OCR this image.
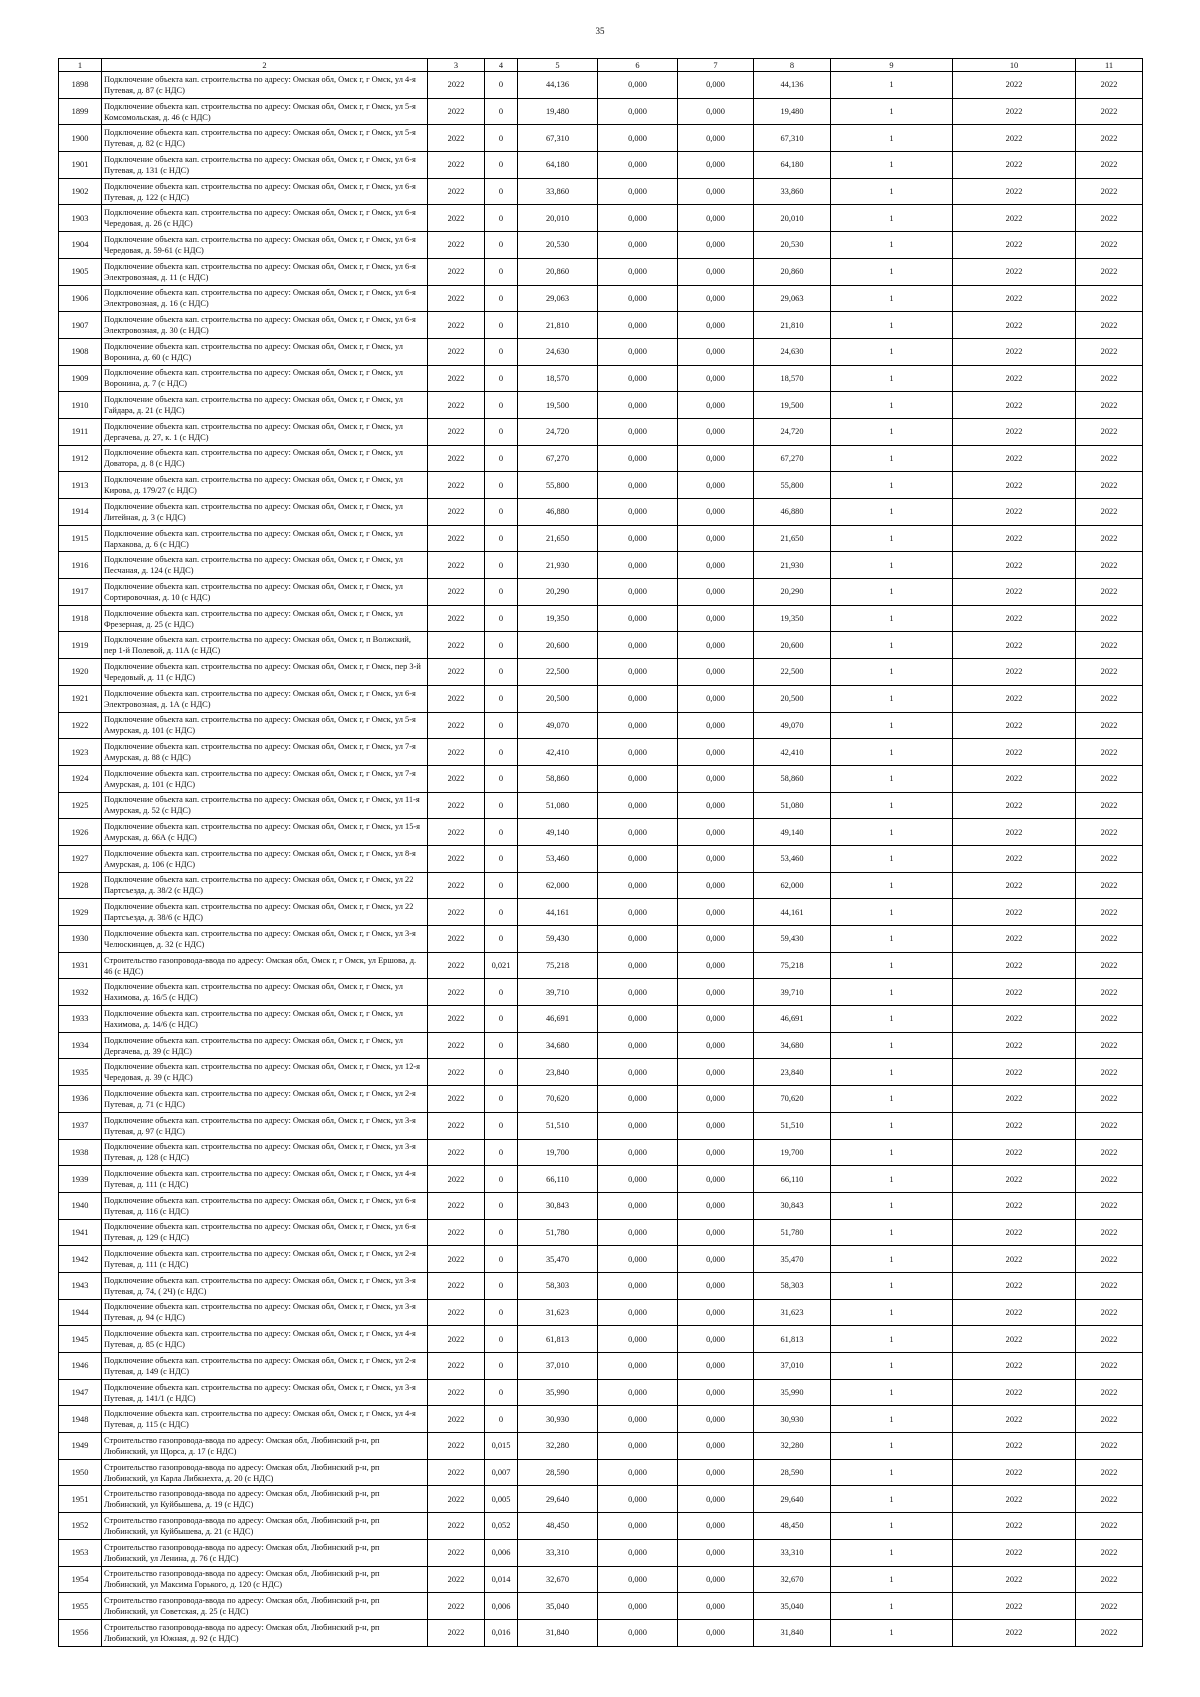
35
1	2	3	4	5	6	7	8	9	10	11
1898	Подключение объекта кап. строительства по адресу: Омская обл, Омск г, г Омск, ул 4-я Путевая, д. 87 (с НДС)	2022	0	44,136	0,000	0,000	44,136	1	2022	2022
1899	Подключение объекта кап. строительства по адресу: Омская обл, Омск г, г Омск, ул 5-я Комсомольская, д. 46 (с НДС)	2022	0	19,480	0,000	0,000	19,480	1	2022	2022
1900	Подключение объекта кап. строительства по адресу: Омская обл, Омск г, г Омск, ул 5-я Путевая, д. 82 (с НДС)	2022	0	67,310	0,000	0,000	67,310	1	2022	2022
1901	Подключение объекта кап. строительства по адресу: Омская обл, Омск г, г Омск, ул 6-я Путевая, д. 131 (с НДС)	2022	0	64,180	0,000	0,000	64,180	1	2022	2022
1902	Подключение объекта кап. строительства по адресу: Омская обл, Омск г, г Омск, ул 6-я Путевая, д. 122 (с НДС)	2022	0	33,860	0,000	0,000	33,860	1	2022	2022
1903	Подключение объекта кап. строительства по адресу: Омская обл, Омск г, г Омск, ул 6-я Чередовая, д. 26 (с НДС)	2022	0	20,010	0,000	0,000	20,010	1	2022	2022
1904	Подключение объекта кап. строительства по адресу: Омская обл, Омск г, г Омск, ул 6-я Чередовая, д. 59-61 (с НДС)	2022	0	20,530	0,000	0,000	20,530	1	2022	2022
1905	Подключение объекта кап. строительства по адресу: Омская обл, Омск г, г Омск, ул 6-я Электровозная, д. 11 (с НДС)	2022	0	20,860	0,000	0,000	20,860	1	2022	2022
1906	Подключение объекта кап. строительства по адресу: Омская обл, Омск г, г Омск, ул 6-я Электровозная, д. 16 (с НДС)	2022	0	29,063	0,000	0,000	29,063	1	2022	2022
1907	Подключение объекта кап. строительства по адресу: Омская обл, Омск г, г Омск, ул 6-я Электровозная, д. 30 (с НДС)	2022	0	21,810	0,000	0,000	21,810	1	2022	2022
1908	Подключение объекта кап. строительства по адресу: Омская обл, Омск г, г Омск, ул Воронина, д. 60 (с НДС)	2022	0	24,630	0,000	0,000	24,630	1	2022	2022
1909	Подключение объекта кап. строительства по адресу: Омская обл, Омск г, г Омск, ул Воронина, д. 7 (с НДС)	2022	0	18,570	0,000	0,000	18,570	1	2022	2022
1910	Подключение объекта кап. строительства по адресу: Омская обл, Омск г, г Омск, ул Гайдара, д. 21 (с НДС)	2022	0	19,500	0,000	0,000	19,500	1	2022	2022
1911	Подключение объекта кап. строительства по адресу: Омская обл, Омск г, г Омск, ул Дергачева, д. 27, к. 1 (с НДС)	2022	0	24,720	0,000	0,000	24,720	1	2022	2022
1912	Подключение объекта кап. строительства по адресу: Омская обл, Омск г, г Омск, ул Доватора, д. 8 (с НДС)	2022	0	67,270	0,000	0,000	67,270	1	2022	2022
1913	Подключение объекта кап. строительства по адресу: Омская обл, Омск г, г Омск, ул Кирова, д. 179/27 (с НДС)	2022	0	55,800	0,000	0,000	55,800	1	2022	2022
1914	Подключение объекта кап. строительства по адресу: Омская обл, Омск г, г Омск, ул Литейная, д. 3 (с НДС)	2022	0	46,880	0,000	0,000	46,880	1	2022	2022
1915	Подключение объекта кап. строительства по адресу: Омская обл, Омск г, г Омск, ул Пархакова, д. 6 (с НДС)	2022	0	21,650	0,000	0,000	21,650	1	2022	2022
1916	Подключение объекта кап. строительства по адресу: Омская обл, Омск г, г Омск, ул Песчаная, д. 124 (с НДС)	2022	0	21,930	0,000	0,000	21,930	1	2022	2022
1917	Подключение объекта кап. строительства по адресу: Омская обл, Омск г, г Омск, ул Сортировочная, д. 10 (с НДС)	2022	0	20,290	0,000	0,000	20,290	1	2022	2022
1918	Подключение объекта кап. строительства по адресу: Омская обл, Омск г, г Омск, ул Фрезерная, д. 25 (с НДС)	2022	0	19,350	0,000	0,000	19,350	1	2022	2022
1919	Подключение объекта кап. строительства по адресу: Омская обл, Омск г, п Волжский, пер 1-й Полевой, д. 11А (с НДС)	2022	0	20,600	0,000	0,000	20,600	1	2022	2022
1920	Подключение объекта кап. строительства по адресу: Омская обл, Омск г, г Омск, пер 3-й Чередовый, д. 11 (с НДС)	2022	0	22,500	0,000	0,000	22,500	1	2022	2022
1921	Подключение объекта кап. строительства по адресу: Омская обл, Омск г, г Омск, ул 6-я Электровозная, д. 1А (с НДС)	2022	0	20,500	0,000	0,000	20,500	1	2022	2022
1922	Подключение объекта кап. строительства по адресу: Омская обл, Омск г, г Омск, ул 5-я Амурская, д. 101 (с НДС)	2022	0	49,070	0,000	0,000	49,070	1	2022	2022
1923	Подключение объекта кап. строительства по адресу: Омская обл, Омск г, г Омск, ул 7-я Амурская, д. 88 (с НДС)	2022	0	42,410	0,000	0,000	42,410	1	2022	2022
1924	Подключение объекта кап. строительства по адресу: Омская обл, Омск г, г Омск, ул 7-я Амурская, д. 101 (с НДС)	2022	0	58,860	0,000	0,000	58,860	1	2022	2022
1925	Подключение объекта кап. строительства по адресу: Омская обл, Омск г, г Омск, ул 11-я Амурская, д. 52 (с НДС)	2022	0	51,080	0,000	0,000	51,080	1	2022	2022
1926	Подключение объекта кап. строительства по адресу: Омская обл, Омск г, г Омск, ул 15-я Амурская, д. 66А (с НДС)	2022	0	49,140	0,000	0,000	49,140	1	2022	2022
1927	Подключение объекта кап. строительства по адресу: Омская обл, Омск г, г Омск, ул 8-я Амурская, д. 106 (с НДС)	2022	0	53,460	0,000	0,000	53,460	1	2022	2022
1928	Подключение объекта кап. строительства по адресу: Омская обл, Омск г, г Омск, ул 22 Партсъезда, д. 38/2 (с НДС)	2022	0	62,000	0,000	0,000	62,000	1	2022	2022
1929	Подключение объекта кап. строительства по адресу: Омская обл, Омск г, г Омск, ул 22 Партсъезда, д. 38/6 (с НДС)	2022	0	44,161	0,000	0,000	44,161	1	2022	2022
1930	Подключение объекта кап. строительства по адресу: Омская обл, Омск г, г Омск, ул 3-я Челюскинцев, д. 32 (с НДС)	2022	0	59,430	0,000	0,000	59,430	1	2022	2022
1931	Строительство газопровода-ввода по адресу: Омская обл, Омск г, г Омск, ул Ершова, д. 46 (с НДС)	2022	0,021	75,218	0,000	0,000	75,218	1	2022	2022
1932	Подключение объекта кап. строительства по адресу: Омская обл, Омск г, г Омск, ул Нахимова, д. 16/5 (с НДС)	2022	0	39,710	0,000	0,000	39,710	1	2022	2022
1933	Подключение объекта кап. строительства по адресу: Омская обл, Омск г, г Омск, ул Нахимова, д. 14/6 (с НДС)	2022	0	46,691	0,000	0,000	46,691	1	2022	2022
1934	Подключение объекта кап. строительства по адресу: Омская обл, Омск г, г Омск, ул Дергачева, д. 39 (с НДС)	2022	0	34,680	0,000	0,000	34,680	1	2022	2022
1935	Подключение объекта кап. строительства по адресу: Омская обл, Омск г, г Омск, ул 12-я Чередовая, д. 39 (с НДС)	2022	0	23,840	0,000	0,000	23,840	1	2022	2022
1936	Подключение объекта кап. строительства по адресу: Омская обл, Омск г, г Омск, ул 2-я Путевая, д. 71 (с НДС)	2022	0	70,620	0,000	0,000	70,620	1	2022	2022
1937	Подключение объекта кап. строительства по адресу: Омская обл, Омск г, г Омск, ул 3-я Путевая, д. 97 (с НДС)	2022	0	51,510	0,000	0,000	51,510	1	2022	2022
1938	Подключение объекта кап. строительства по адресу: Омская обл, Омск г, г Омск, ул 3-я Путевая, д. 128 (с НДС)	2022	0	19,700	0,000	0,000	19,700	1	2022	2022
1939	Подключение объекта кап. строительства по адресу: Омская обл, Омск г, г Омск, ул 4-я Путевая, д. 111 (с НДС)	2022	0	66,110	0,000	0,000	66,110	1	2022	2022
1940	Подключение объекта кап. строительства по адресу: Омская обл, Омск г, г Омск, ул 6-я Путевая, д. 116 (с НДС)	2022	0	30,843	0,000	0,000	30,843	1	2022	2022
1941	Подключение объекта кап. строительства по адресу: Омская обл, Омск г, г Омск, ул 6-я Путевая, д. 129 (с НДС)	2022	0	51,780	0,000	0,000	51,780	1	2022	2022
1942	Подключение объекта кап. строительства по адресу: Омская обл, Омск г, г Омск, ул 2-я Путевая, д. 111 (с НДС)	2022	0	35,470	0,000	0,000	35,470	1	2022	2022
1943	Подключение объекта кап. строительства по адресу: Омская обл, Омск г, г Омск, ул 3-я Путевая, д. 74, ( 2Ч) (с НДС)	2022	0	58,303	0,000	0,000	58,303	1	2022	2022
1944	Подключение объекта кап. строительства по адресу: Омская обл, Омск г, г Омск, ул 3-я Путевая, д. 94 (с НДС)	2022	0	31,623	0,000	0,000	31,623	1	2022	2022
1945	Подключение объекта кап. строительства по адресу: Омская обл, Омск г, г Омск, ул 4-я Путевая, д. 85 (с НДС)	2022	0	61,813	0,000	0,000	61,813	1	2022	2022
1946	Подключение объекта кап. строительства по адресу: Омская обл, Омск г, г Омск, ул 2-я Путевая, д. 149 (с НДС)	2022	0	37,010	0,000	0,000	37,010	1	2022	2022
1947	Подключение объекта кап. строительства по адресу: Омская обл, Омск г, г Омск, ул 3-я Путевая, д. 141/1 (с НДС)	2022	0	35,990	0,000	0,000	35,990	1	2022	2022
1948	Подключение объекта кап. строительства по адресу: Омская обл, Омск г, г Омск, ул 4-я Путевая, д. 115 (с НДС)	2022	0	30,930	0,000	0,000	30,930	1	2022	2022
1949	Строительство газопровода-ввода по адресу: Омская обл, Любинский р-н, рп Любинский, ул Щорса, д. 17 (с НДС)	2022	0,015	32,280	0,000	0,000	32,280	1	2022	2022
1950	Строительство газопровода-ввода по адресу: Омская обл, Любинский р-н, рп Любинский, ул Карла Либкнехта, д. 20 (с НДС)	2022	0,007	28,590	0,000	0,000	28,590	1	2022	2022
1951	Строительство газопровода-ввода по адресу: Омская обл, Любинский р-н, рп Любинский, ул Куйбышева, д. 19 (с НДС)	2022	0,005	29,640	0,000	0,000	29,640	1	2022	2022
1952	Строительство газопровода-ввода по адресу: Омская обл, Любинский р-н, рп Любинский, ул Куйбышева, д. 21 (с НДС)	2022	0,052	48,450	0,000	0,000	48,450	1	2022	2022
1953	Строительство газопровода-ввода по адресу: Омская обл, Любинский р-н, рп Любинский, ул Ленина, д. 76 (с НДС)	2022	0,006	33,310	0,000	0,000	33,310	1	2022	2022
1954	Строительство газопровода-ввода по адресу: Омская обл, Любинский р-н, рп Любинский, ул Максима Горького, д. 120 (с НДС)	2022	0,014	32,670	0,000	0,000	32,670	1	2022	2022
1955	Строительство газопровода-ввода по адресу: Омская обл, Любинский р-н, рп Любинский, ул Советская, д. 25 (с НДС)	2022	0,006	35,040	0,000	0,000	35,040	1	2022	2022
1956	Строительство газопровода-ввода по адресу: Омская обл, Любинский р-н, рп Любинский, ул Южная, д. 92 (с НДС)	2022	0,016	31,840	0,000	0,000	31,840	1	2022	2022
